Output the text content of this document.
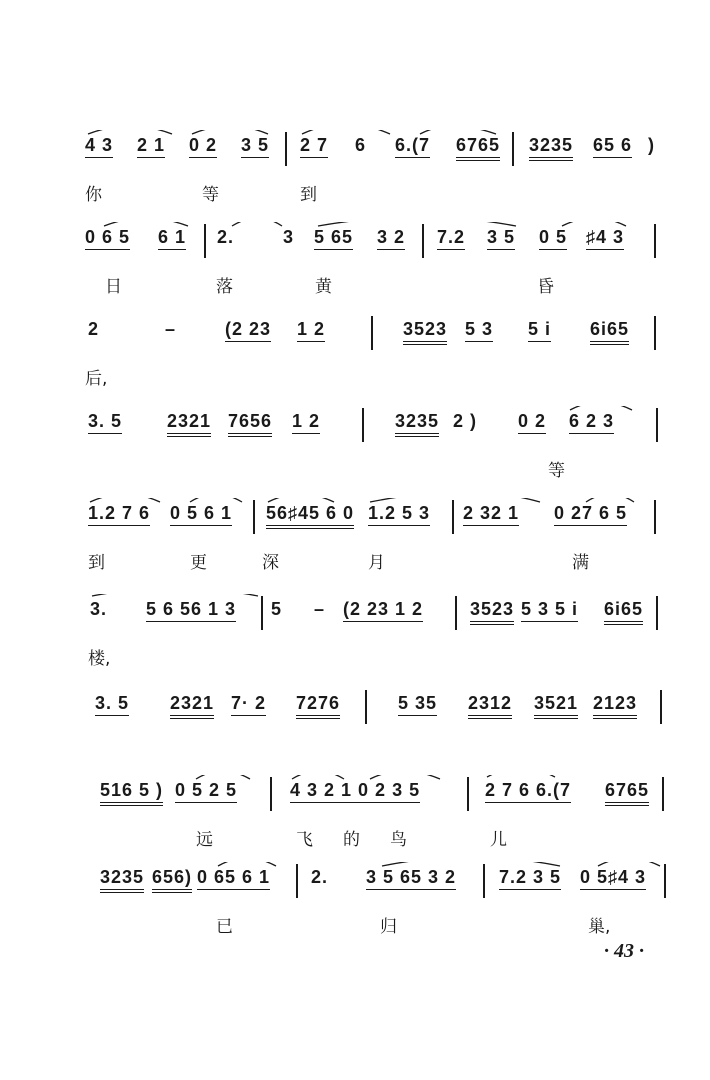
4 3 2 1 0 2 3 5 2 7 6 6.(7 6765 3235 65 6 )
你	等	到
0 6 5 6 1 2.	3 5 65 3 2 7.2 3 5 0 5 ♯4 3
日	落	黄	昏
2	–	(2 23 1 2	3523 5 3 5 i 6i65
后,
3. 5 2321 7656 1 2	3235 2 ) 0 2 6 2 3
等
1.2 7 6 0 5 6 1 56♯45 6 0 1.2 5 3 2 32 1 0 27 6 5
到	更	深	月	满
3. 5 6 56 1 3 5 – (2 23 1 2	3523 5 3 5 i 6i65
楼,
3. 5 2321 7· 2 7276	5 35 2312 3521 2123
516 5 ) 0 5 2 5	4 3 2 1 0 2 3 5	2 7 6 6.(7 6765
远	飞 的 鸟	儿
3235 656) 0 65 6 1 2. 3 5 65 3 2 7.2 3 5 0 5♯4 3
已	归	巢,
· 43 ·
